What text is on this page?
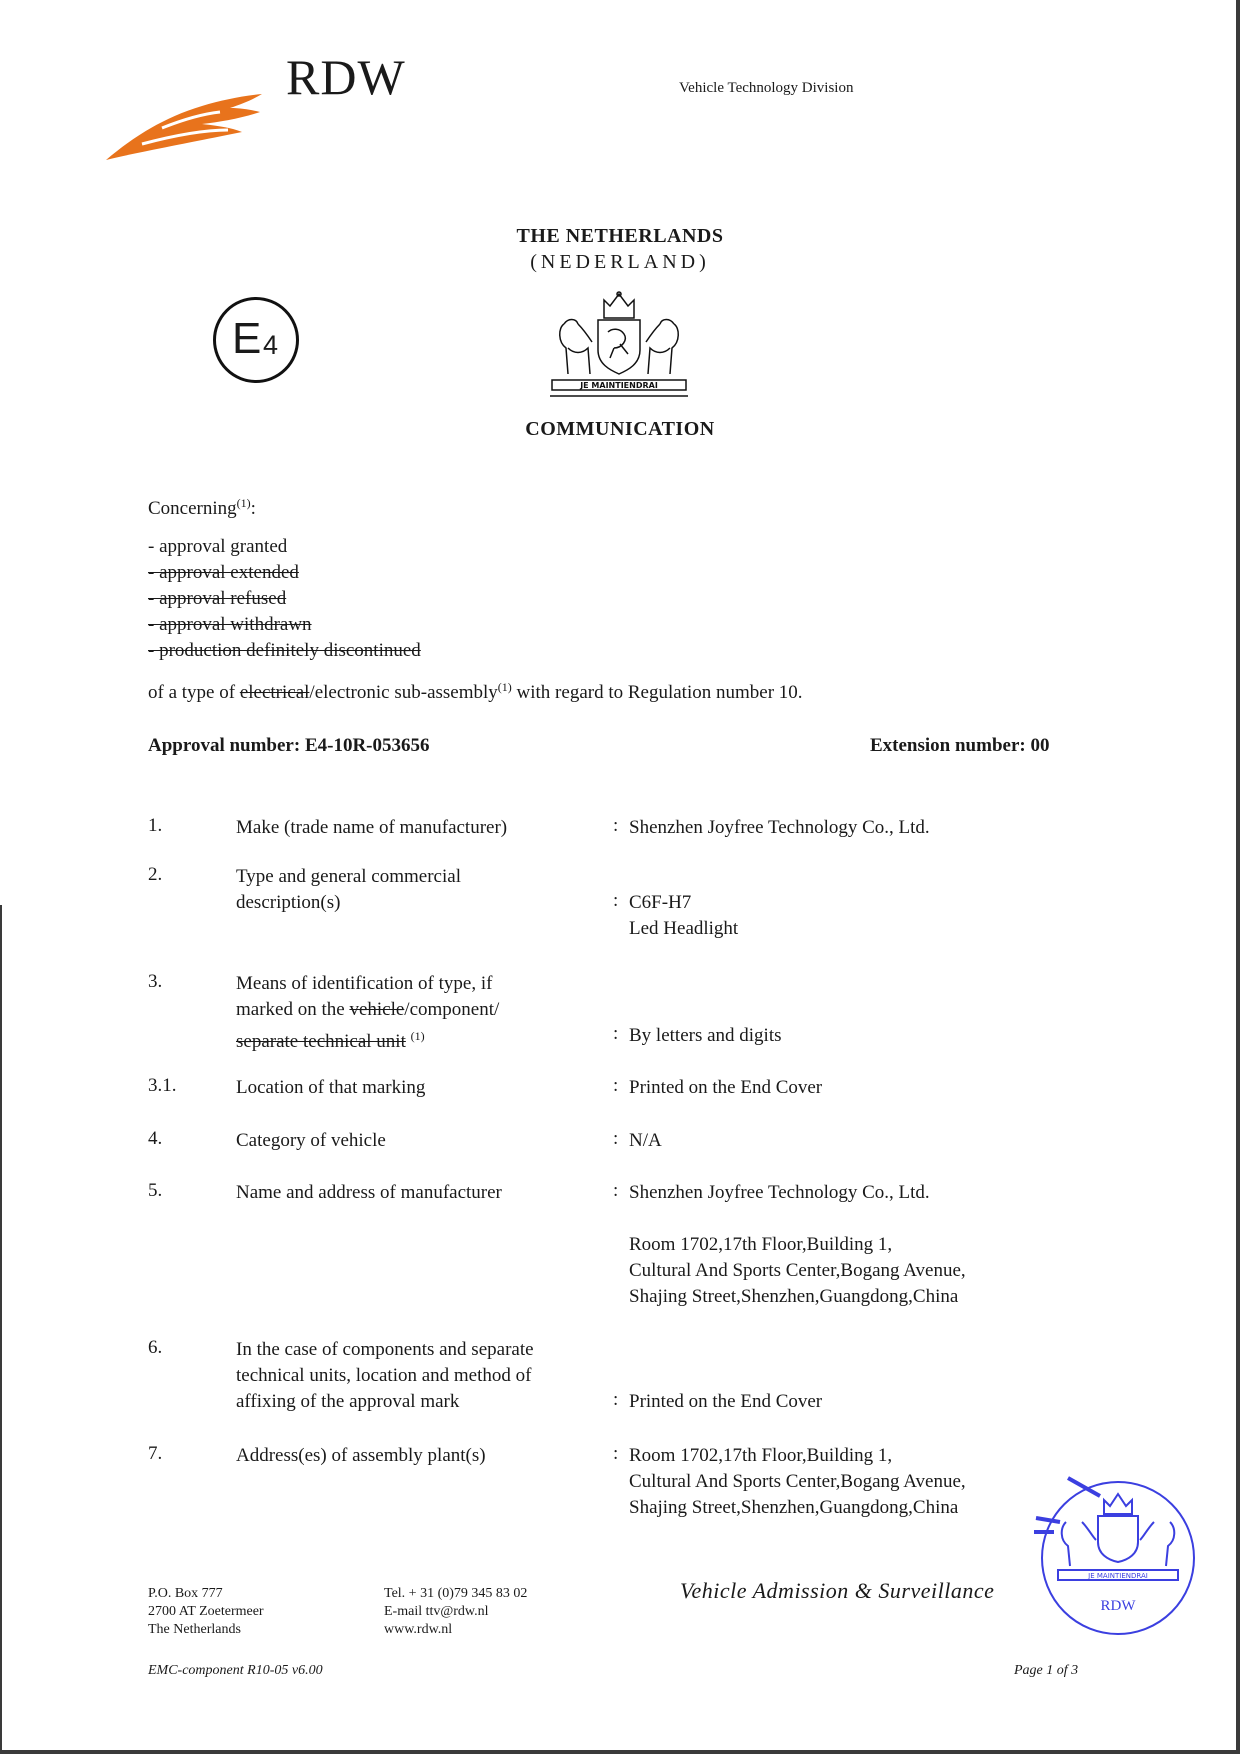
RDW	Vehicle Technology Division
THE NETHERLANDS
(NEDERLAND)
E 4
JE MAINTIENDRAI
COMMUNICATION
Concerning$^{(1)}$:
- approval granted
- approval extended
- approval refused
- approval withdrawn
- production definitely discontinued
of a type of electrical/electronic sub-assembly$^{(1)}$ with regard to Regulation number 10.
Approval number: E4-10R-053656	Extension number: 00
1.	Make (trade name of manufacturer)	: Shenzhen Joyfree Technology Co., Ltd.
2.	Type and general commercial
description(s)	: C6F-H7
Led Headlight
3.	Means of identification of type, if
marked on the vehicle/component/
separate technical unit $^{(1)}$	: By letters and digits
3.1.	Location of that marking	: Printed on the End Cover
4.	Category of vehicle	: N/A
5.	Name and address of manufacturer	: Shenzhen Joyfree Technology Co., Ltd.
Room 1702,17th Floor,Building 1,
Cultural And Sports Center,Bogang Avenue,
Shajing Street,Shenzhen,Guangdong,China
6.	In the case of components and separate
technical units, location and method of
affixing of the approval mark	: Printed on the End Cover
7.	Address(es) of assembly plant(s)	: Room 1702,17th Floor,Building 1,
Cultural And Sports Center,Bogang Avenue,
Shajing Street,Shenzhen,Guangdong,China
P.O. Box 777
2700 AT Zoetermeer
The Netherlands
Tel. + 31 (0)79 345 83 02
E-mail ttv@rdw.nl
www.rdw.nl
Vehicle Admission & Surveillance
EMC-component R10-05 v6.00	Page 1 of 3
JE MAINTIENDRAI
RDW
